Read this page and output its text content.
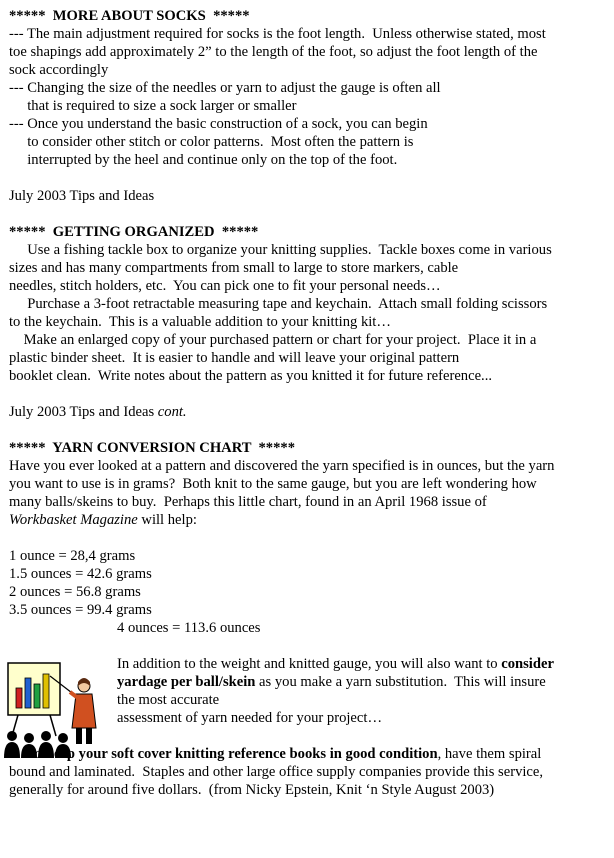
*****  MORE ABOUT SOCKS  *****
--- The main adjustment required for socks is the foot length.  Unless otherwise stated, most
toe shapings add approximately 2” to the length of the foot, so adjust the foot length of the
sock accordingly
--- Changing the size of the needles or yarn to adjust the gauge is often all
that is required to size a sock larger or smaller
--- Once you understand the basic construction of a sock, you can begin
to consider other stitch or color patterns.  Most often the pattern is
interrupted by the heel and continue only on the top of the foot.
July 2003 Tips and Ideas
*****  GETTING ORGANIZED  *****
Use a fishing tackle box to organize your knitting supplies.  Tackle boxes come in various
sizes and has many compartments from small to large to store markers, cable
needles, stitch holders, etc.  You can pick one to fit your personal needs…
Purchase a 3-foot retractable measuring tape and keychain.  Attach small folding scissors
to the keychain.  This is a valuable addition to your knitting kit…
Make an enlarged copy of your purchased pattern or chart for your project.  Place it in a
plastic binder sheet.  It is easier to handle and will leave your original pattern
booklet clean.  Write notes about the pattern as you knitted it for future reference...
July 2003 Tips and Ideas cont.
*****  YARN CONVERSION CHART  *****
Have you ever looked at a pattern and discovered the yarn specified is in ounces, but the yarn
you want to use is in grams?  Both knit to the same gauge, but you are left wondering how
many balls/skeins to buy.  Perhaps this little chart, found in an April 1968 issue of
Workbasket Magazine will help:
1 ounce = 28,4 grams
1.5 ounces = 42.6 grams
2 ounces = 56.8 grams
3.5 ounces = 99.4 grams
4 ounces = 113.6 ounces
In addition to the weight and knitted gauge, you will also want to consider
yardage per ball/skein as you make a yarn substitution.  This will insure
the most accurate
assessment of yarn needed for your project…
To keep your soft cover knitting reference books in good condition, have them spiral
bound and laminated.  Staples and other large office supply companies provide this service,
generally for around five dollars.  (from Nicky Epstein, Knit ‘n Style August 2003)
